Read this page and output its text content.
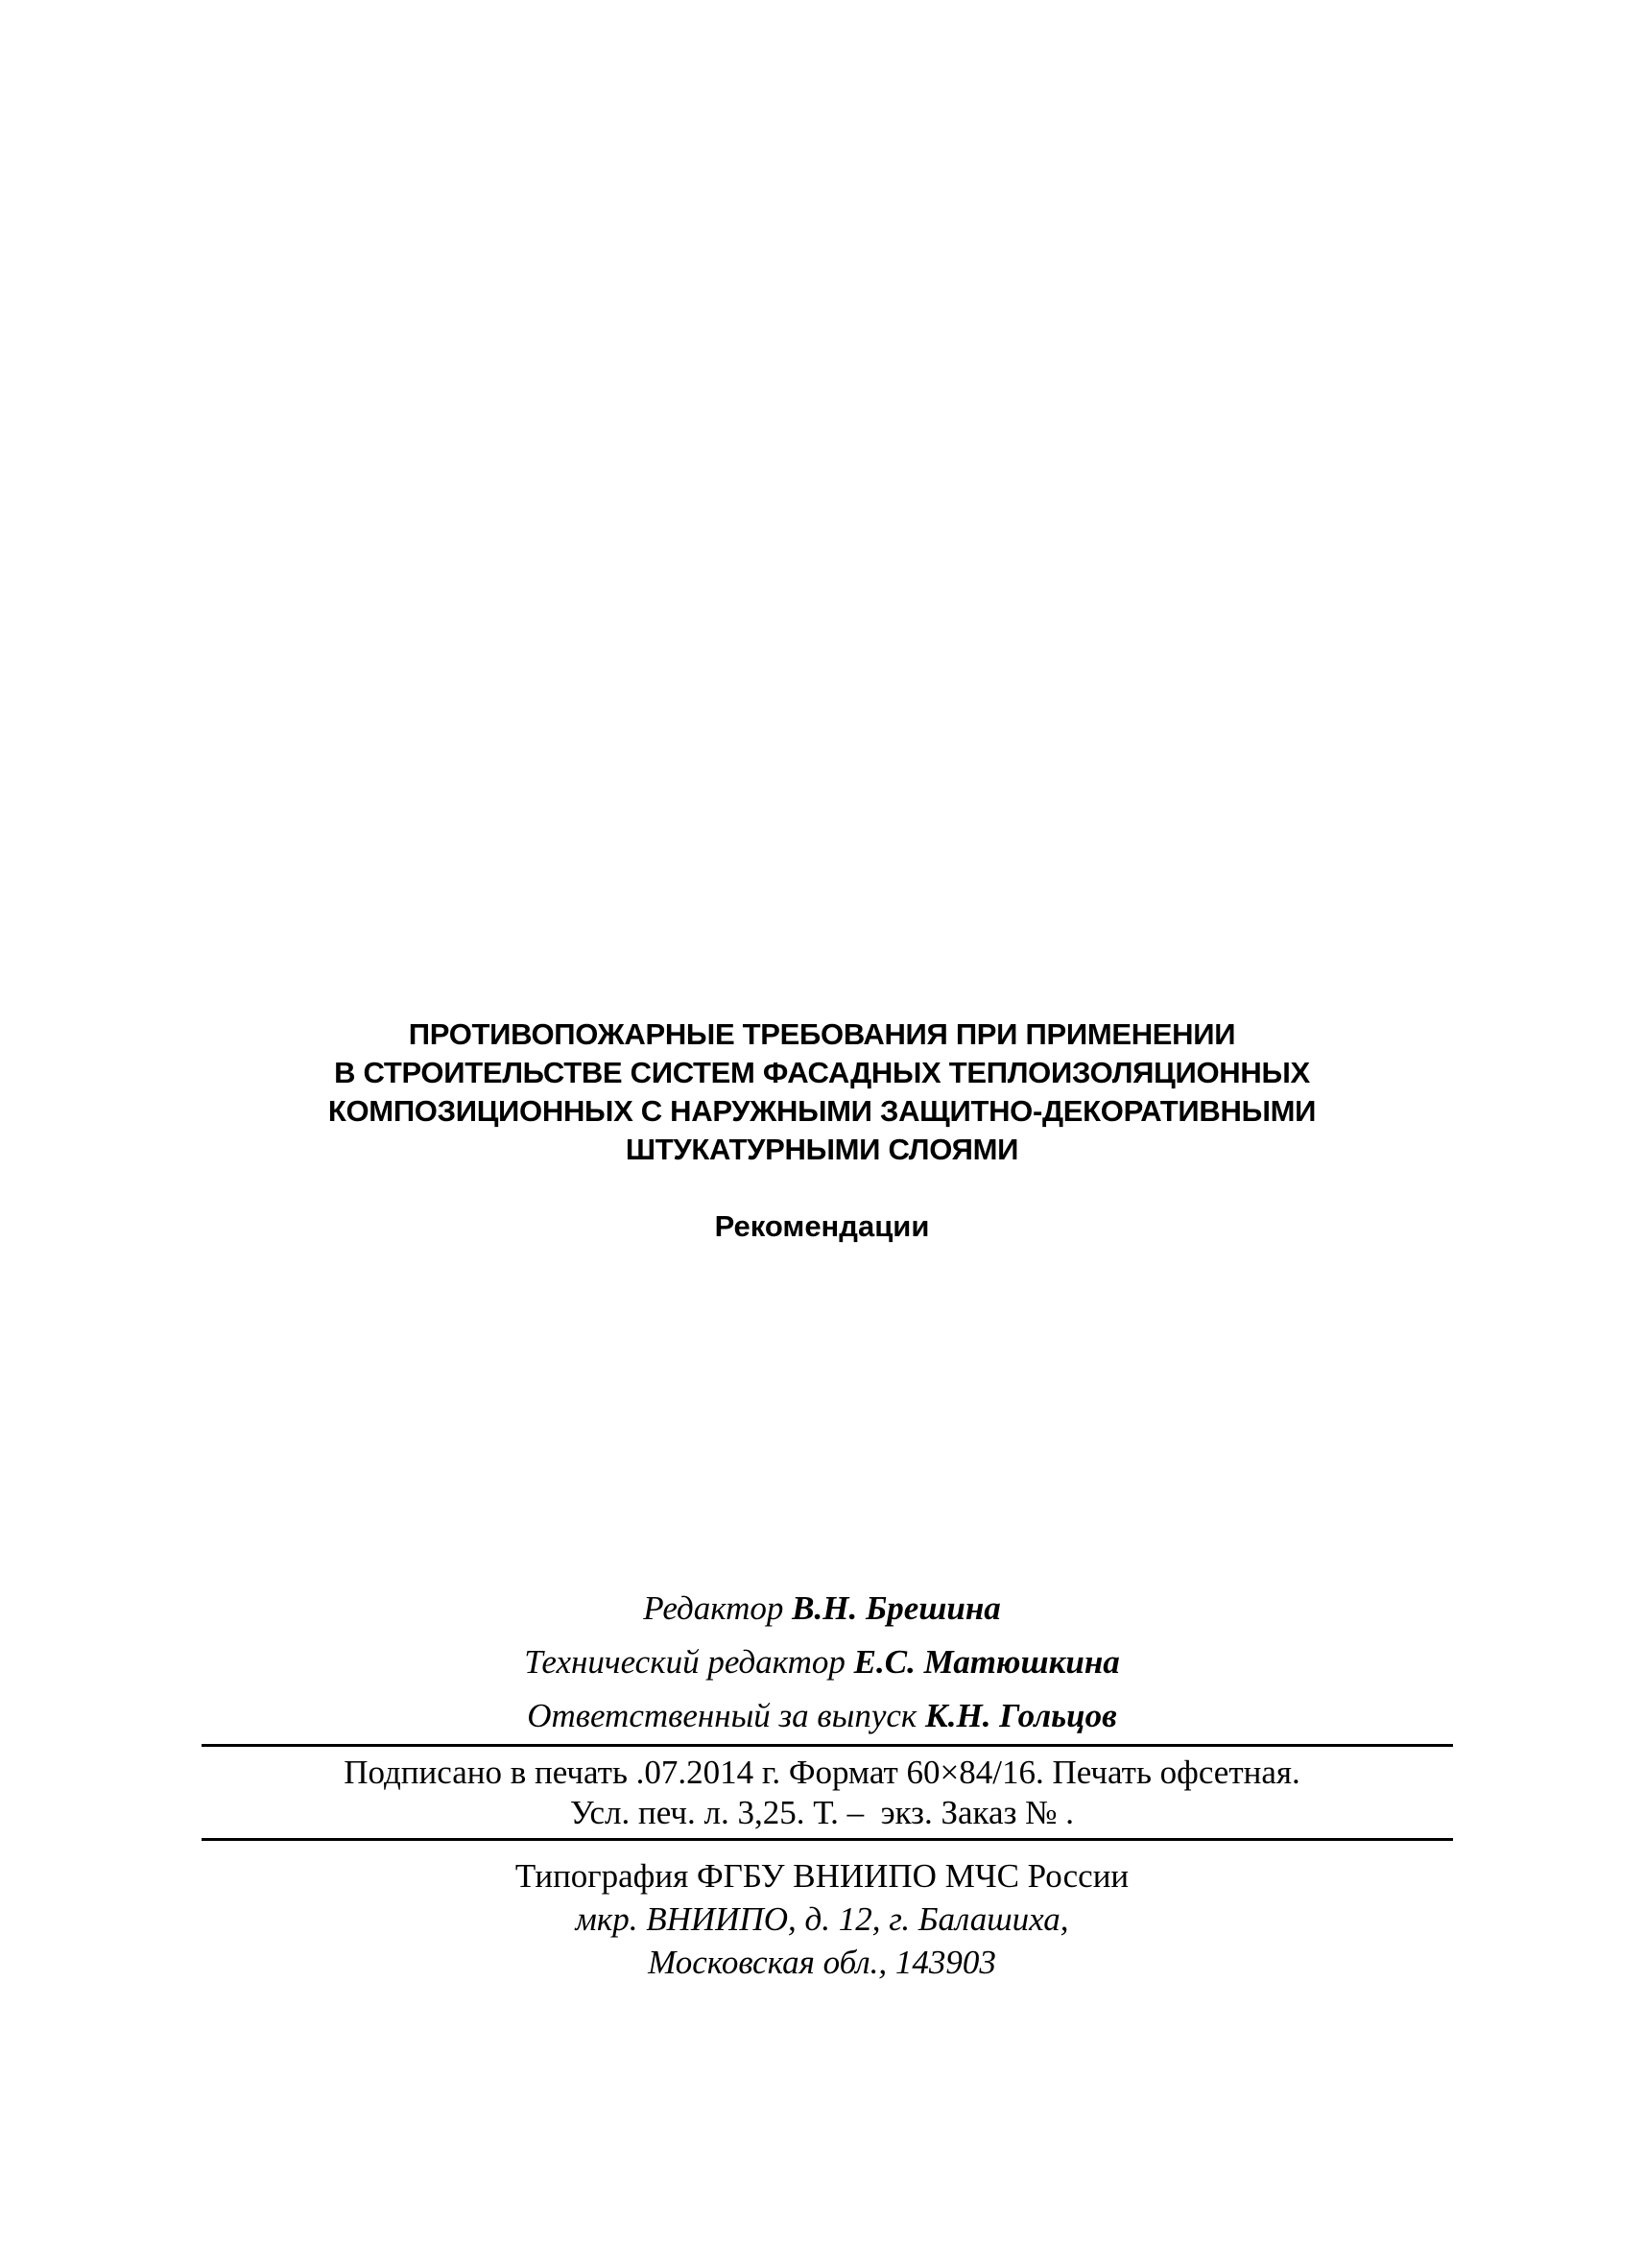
ПРОТИВОПОЖАРНЫЕ ТРЕБОВАНИЯ ПРИ ПРИМЕНЕНИИ
В СТРОИТЕЛЬСТВЕ СИСТЕМ ФАСАДНЫХ ТЕПЛОИЗОЛЯЦИОННЫХ
КОМПОЗИЦИОННЫХ С НАРУЖНЫМИ ЗАЩИТНО-ДЕКОРАТИВНЫМИ
ШТУКАТУРНЫМИ СЛОЯМИ
Рекомендации
Редактор В.Н. Брешина
Технический редактор Е.С. Матюшкина
Ответственный за выпуск К.Н. Гольцов
Подписано в печать .07.2014 г. Формат 60×84/16. Печать офсетная.
Усл. печ. л. 3,25. Т. –  экз. Заказ № .
Типография ФГБУ ВНИИПО МЧС России
мкр. ВНИИПО, д. 12, г. Балашиха,
Московская обл., 143903
